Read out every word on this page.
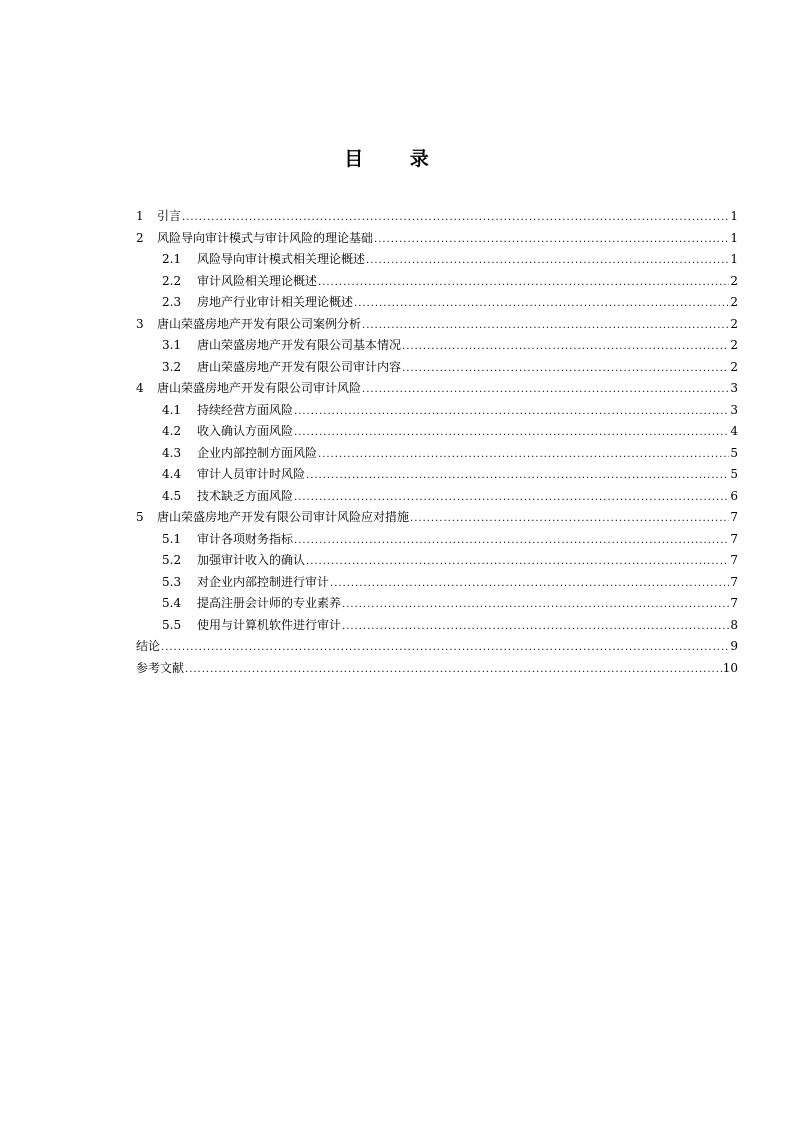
目 录
1 引言 .....	1
2 风险导向审计模式与审计风险的理论基础 .....	1
2.1 风险导向审计模式相关理论概述 .....	1
2.2 审计风险相关理论概述 .....	2
2.3 房地产行业审计相关理论概述 .....	2
3 唐山荣盛房地产开发有限公司案例分析 .....	2
3.1 唐山荣盛房地产开发有限公司基本情况 .....	2
3.2 唐山荣盛房地产开发有限公司审计内容 .....	2
4 唐山荣盛房地产开发有限公司审计风险 .....	3
4.1 持续经营方面风险 .....	3
4.2 收入确认方面风险 .....	4
4.3 企业内部控制方面风险 .....	5
4.4 审计人员审计时风险 .....	5
4.5 技术缺乏方面风险 .....	6
5 唐山荣盛房地产开发有限公司审计风险应对措施 .....	7
5.1 审计各项财务指标 .....	7
5.2 加强审计收入的确认 .....	7
5.3 对企业内部控制进行审计 .....	7
5.4 提高注册会计师的专业素养 .....	7
5.5 使用与计算机软件进行审计 .....	8
结论 .....	9
参考文献 .....	10
